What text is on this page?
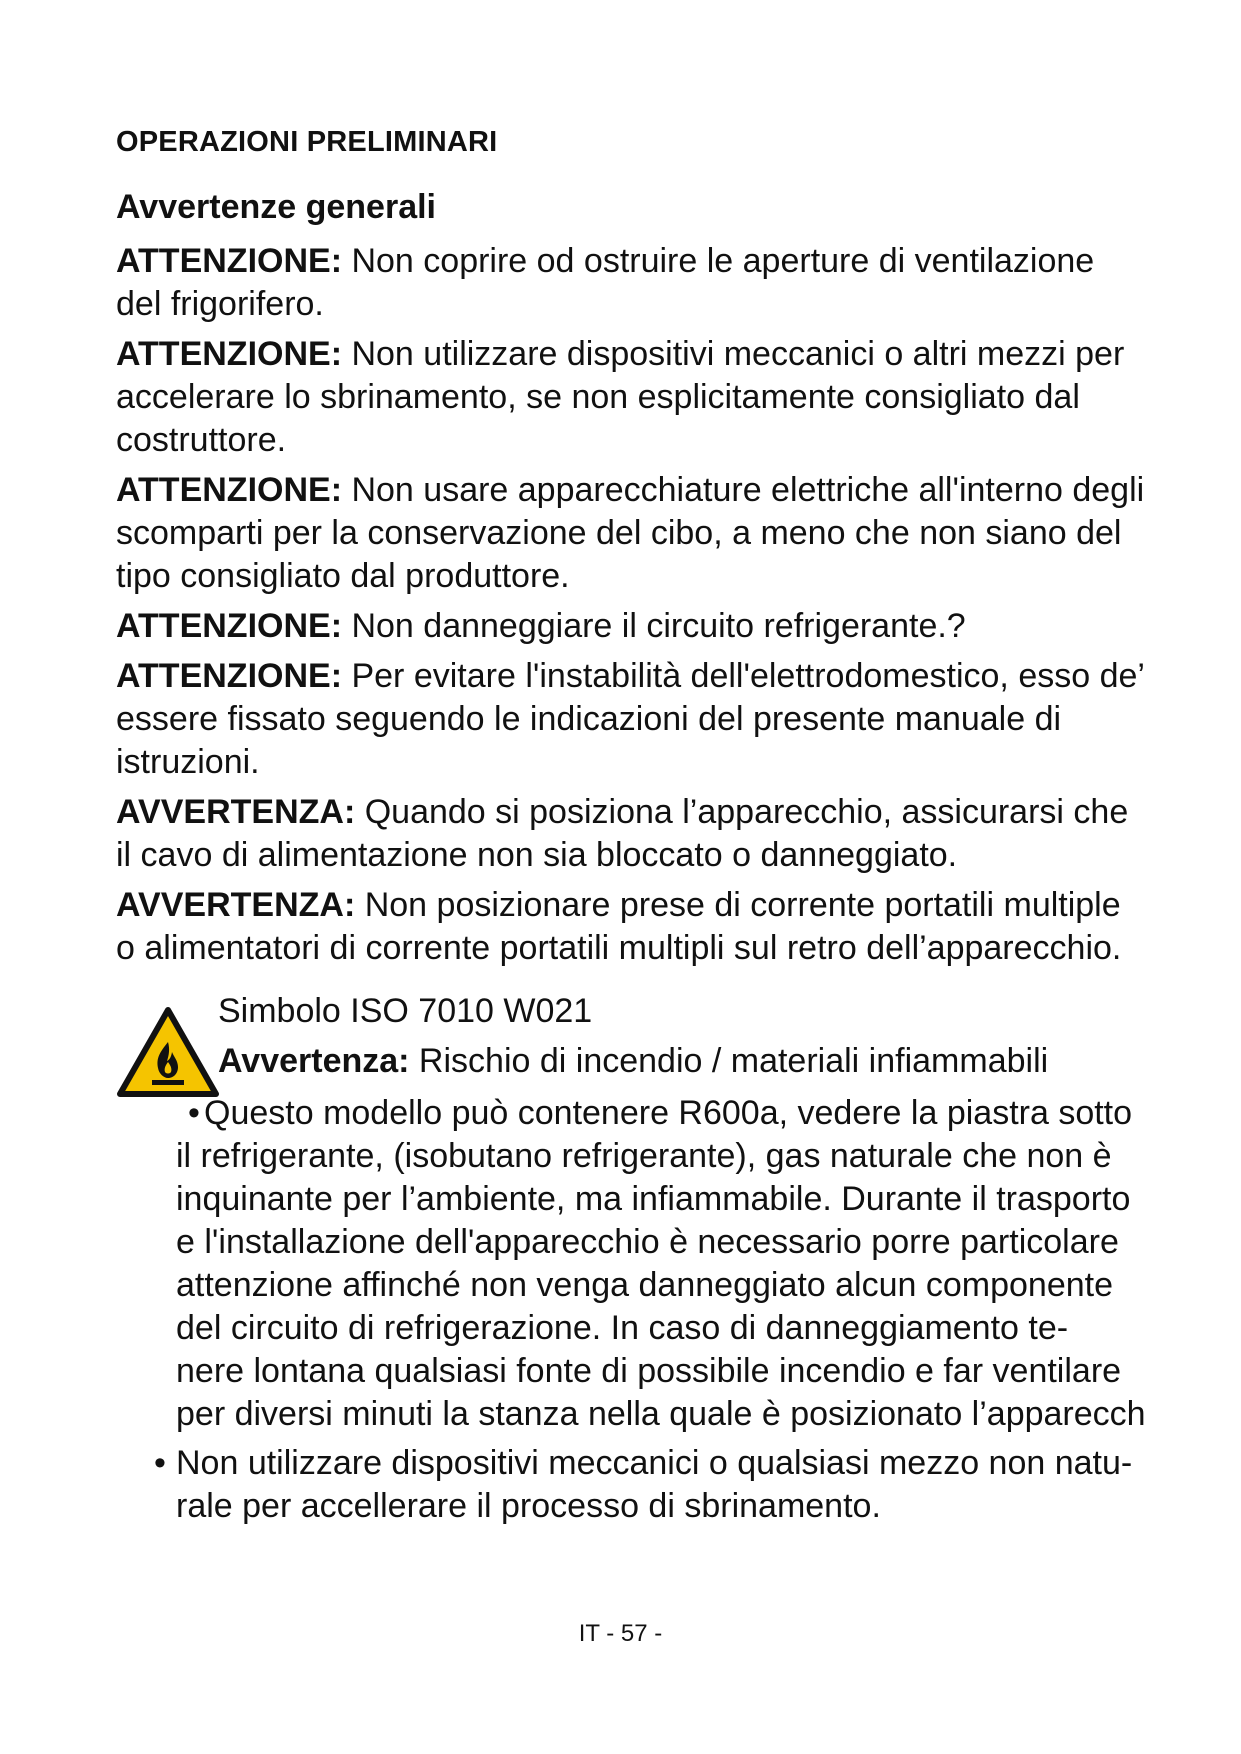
OPERAZIONI PRELIMINARI
Avvertenze generali

ATTENZIONE: Non coprire od ostruire le aperture di ventilazione
del frigorifero.

ATTENZIONE: Non utilizzare dispositivi meccanici o altri mezzi per
accelerare lo sbrinamento, se non esplicitamente consigliato dal
costruttore.

ATTENZIONE: Non usare apparecchiature elettriche all'interno degli
scomparti per la conservazione del cibo, a meno che non siano del
tipo consigliato dal produttore.

ATTENZIONE: Non danneggiare il circuito refrigerante.?

ATTENZIONE: Per evitare l'instabilità dell'elettrodomestico, esso de’
essere fissato seguendo le indicazioni del presente manuale di
istruzioni.

AVVERTENZA: Quando si posiziona l’apparecchio, assicurarsi che
il cavo di alimentazione non sia bloccato o danneggiato.

AVVERTENZA: Non posizionare prese di corrente portatili multiple
o alimentatori di corrente portatili multipli sul retro dell’apparecchio.

Simbolo ISO 7010 W021

Avvertenza: Rischio di incendio / materiali infiammabili

• Questo modello può contenere R600a, vedere la piastra sotto
il refrigerante, (isobutano refrigerante), gas naturale che non è
inquinante per l’ambiente, ma infiammabile. Durante il trasporto
e l'installazione dell'apparecchio è necessario porre particolare
attenzione affinché non venga danneggiato alcun componente
del circuito di refrigerazione. In caso di danneggiamento te-
nere lontana qualsiasi fonte di possibile incendio e far ventilare
per diversi minuti la stanza nella quale è posizionato l’apparecch
• Non utilizzare dispositivi meccanici o qualsiasi mezzo non natu-
rale per accellerare il processo di sbrinamento.

IT - 57 -
